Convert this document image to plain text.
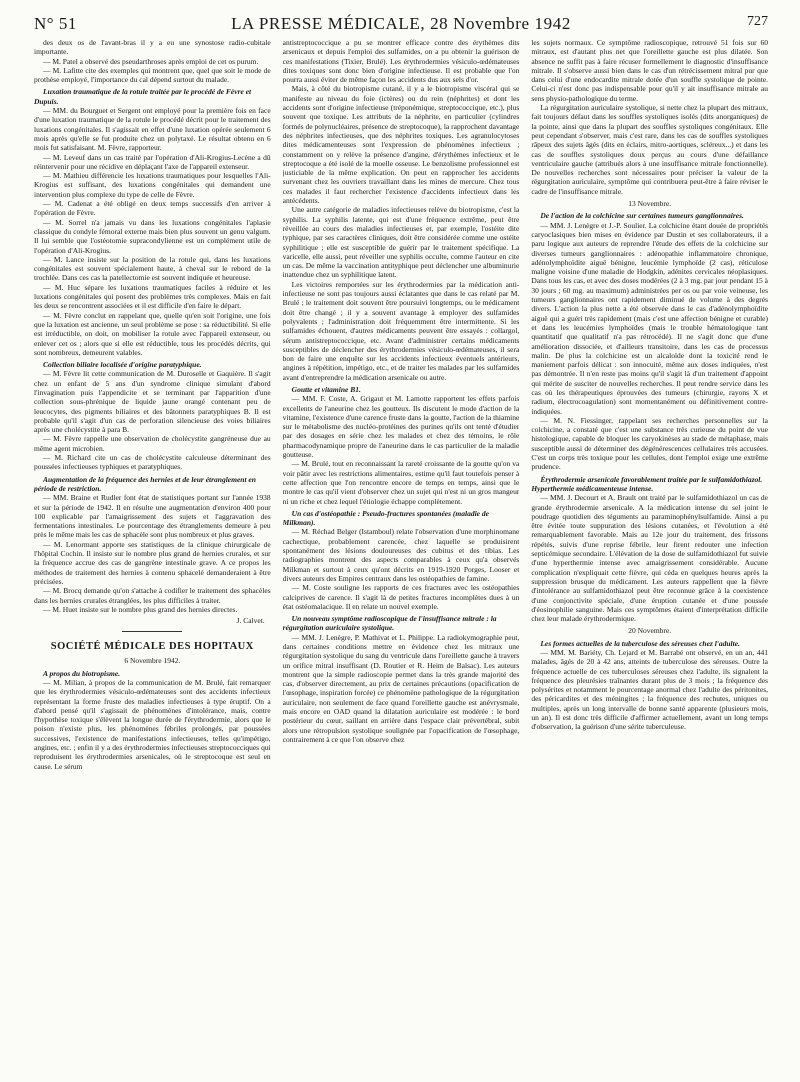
N° 51	LA PRESSE MÉDICALE, 28 Novembre 1942	727

des deux os de l'avant-bras il y a eu une synostose radio-cubitale importante.

— M. Patel a observé des pseudarthroses après emploi de cet os purum.

— M. Lafitte cite des exemples qui montrent que, quel que soit le mode de prothèse employé, l'importance du cal dépend surtout du malade.

Luxation traumatique de la rotule traitée par le procédé de Fèvre et Dupuis.

— MM. du Bourguet et Sergent ont employé pour la première fois en face d'une luxation traumatique de la rotule le procédé décrit pour le traitement des luxations congénitales. Il s'agissait en effet d'une luxation opérée seulement 6 mois après qu'elle se fut produite chez un polytaxé. Le résultat obtenu en 6 mois fut satisfaisant. M. Fèvre, rapporteur.

— M. Leveuf dans un cas traité par l'opération d'Ali-Krogius-Lecène a dû réintervenir pour une récidive en déplaçant l'axe de l'appareil extenseur.

— M. Mathieu différencie les luxations traumatiques pour lesquelles l'Ali-Krogius est suffisant, des luxations congénitales qui demandent une intervention plus complexe du type de celle de Fèvre.

— M. Cadenat a été obligé en deux temps successifs d'en arriver à l'opération de Fèvre.

— M. Sorrel n'a jamais vu dans les luxations congénitales l'aplasie classique du condyle fémoral externe mais bien plus souvent un genu valgum. Il lui semble que l'ostéotomie supracondylienne est un complément utile de l'opération d'Ali-Krogius.

— M. Lance insiste sur la position de la rotule qui, dans les luxations congénitales est souvent spécialement haute, à cheval sur le rebord de la trochlée. Dans ces cas la patellectomie est souvent indiquée et heureuse.

— M. Huc sépare les luxations traumatiques faciles à réduire et les luxations congénitales qui posent des problèmes très complexes. Mais en fait les deux se rencontrent associées et il est difficile d'en faire le départ.

— M. Fèvre conclut en rappelant que, quelle qu'en soit l'origine, une fois que la luxation est ancienne, un seul problème se pose : sa réductibilité. Si elle est irréductible, on doit, on mobiliser la rotule avec l'appareil extenseur, ou enlever cet os ; alors que si elle est réductible, tous les procédés décrits, qui sont nombreux, demeurent valables.

Collection biliaire localisée d'origine paratyphique.

— M. Fèvre lit cette communication de M. Duroselle et Gaquière. Il s'agit chez un enfant de 5 ans d'un syndrome clinique simulant d'abord l'invagination puis l'appendicite et se terminant par l'apparition d'une collection sous-phrénique de liquide jaune orangé contenant peu de leucocytes, des pigments biliaires et des bâtonnets paratyphiques B. Il est probable qu'il s'agit d'un cas de perforation silencieuse des voies biliaires après une cholécystite à para B.

— M. Fèvre rappelle une observation de cholécystite gangréneuse due au même agent microbien.

— M. Richard cite un cas de cholécystite calculeuse déterminant des poussées infectieuses typhiques et paratyphiques.

Augmentation de la fréquence des hernies et de leur étranglement en période de restriction.

— MM. Braine et Rudler font état de statistiques portant sur l'année 1938 et sur la période de 1942. Il en résulte une augmentation d'environ 400 pour 100 explicable par l'amaigrissement des sujets et l'aggravation des fermentations intestinales. Le pourcentage des étranglements demeure à peu près le même mais les cas de sphacèle sont plus nombreux et plus graves.

— M. Lenormant apporte ses statistiques de la clinique chirurgicale de l'hôpital Cochin. Il insiste sur le nombre plus grand de hernies crurales, et sur la fréquence accrue des cas de gangrène intestinale grave. A ce propos les méthodes de traitement des hernies à contenu sphacelé demanderaient à être précisées.

— M. Brocq demande qu'on s'attache à codifier le traitement des sphacèles dans les hernies crurales étranglées, les plus difficiles à traiter.

— M. Huet insiste sur le nombre plus grand des hernies directes.

J. Calvet.

SOCIÉTÉ MÉDICALE DES HOPITAUX

6 Novembre 1942.

A propos du biotropisme.

— M. Milian, à propos de la communication de M. Brulé, fait remarquer que les érythrodermies vésiculo-œdémateuses sont des accidents infectieux représentant la forme fruste des maladies infectieuses à type éruptif. On a d'abord pensé qu'il s'agissait de phénomènes d'intolérance, mais, contre l'hypothèse toxique s'élèvent la longue durée de l'érythrodermie, alors que le poison n'existe plus, les phénomènes fébriles prolongés, par poussées successives, l'existence de manifestations infectieuses, telles qu'impétigo, angines, etc. ; enfin il y a des érythrodermies infectieuses streptococciques qui reproduisent les érythrodermies arsenicales, où le streptocoque est seul en cause. Le sérum

antistreptococcique a pu se montrer efficace contre des érythèmes dits arsenicaux et depuis l'emploi des sulfamides, on a pu obtenir la guérison de ces manifestations (Tixier, Brulé). Les érythrodermies vésiculo-œdémateuses dites toxiques sont donc bien d'origine infectieuse. Il est probable que l'on pourra aussi éviter de même façon les accidents dus aux sels d'or.

Mais, à côté du biotropisme cutané, il y a le biotropisme viscéral qui se manifeste au niveau du foie (ictères) ou du rein (néphrites) et dont les accidents sont d'origine infectieuse (tréponémique, streptococcique, etc.), plus souvent que toxique. Les attributs de la néphrite, en particulier (cylindres formés de polynucléaires, présence de streptocoque), la rapprochent davantage des néphrites infectieuses, que des néphrites toxiques. Les agranulocytoses dites médicamenteuses sont l'expression de phénomènes infectieux ; constamment on y relève la présence d'angine, d'érythèmes infectieux et le streptocoque a été isolé de la moelle osseuse. Le benzolisme professionnel est justiciable de la même explication. On peut en rapprocher les accidents survenant chez les ouvriers travaillant dans les mines de mercure. Chez tous ces malades il faut rechercher l'existence d'accidents infectieux dans les antécédents.

Une autre catégorie de maladies infectieuses relève du biotropisme, c'est la syphilis. La syphilis latente, qui est d'une fréquence extrême, peut être réveillée au cours des maladies infectieuses et, par exemple, l'ostéite dite typhique, par ses caractères cliniques, doit être considérée comme une ostéite syphilitique ; elle est susceptible de guérir par le traitement spécifique. La varicelle, elle aussi, peut réveiller une syphilis occulte, comme l'auteur en cite un cas. De même la vaccination antityphique peut déclencher une albuminurie inattendue chez un syphilitique latent.

Les victoires remportées sur les érythrodermies par la médication anti-infectieuse ne sont pas toujours aussi éclatantes que dans le cas relaté par M. Brulé ; le traitement doit souvent être poursuivi longtemps, ou le médicament doit être changé ; il y a souvent avantage à employer des sulfamides polyvalents ; l'administration doit fréquemment être intermittente. Si les sulfamides échouent, d'autres médicaments peuvent être essayés : collargol, sérum antistreptococcique, etc. Avant d'administrer certains médicaments susceptibles de déclencher des érythrodermies vésiculo-œdémateuses, il sera bon de faire une enquête sur les accidents infectieux éventuels antérieurs, angines à répétition, impétigo, etc., et de traiter les malades par les sulfamides avant d'entreprendre la médication arsenicale ou autre.

Goutte et vitamine B1.

— MM. F. Coste, A. Grigaut et M. Lamotte rapportent les effets parfois excellents de l'aneurine chez les goutteux. Ils discutent le mode d'action de la vitamine, l'existence d'une carence fruste dans la goutte, l'action de la thiamine sur le métabolisme des nucléo-protéines des purines qu'ils ont tenté d'étudier par des dosages en série chez les malades et chez des témoins, le rôle pharmacodynamique propre de l'aneurine dans le cas particulier de la maladie goutteuse.

— M. Brulé, tout en reconnaissant la rareté croissante de la goutte qu'on va voir pâtir avec les restrictions alimentaires, estime qu'il faut toutefois penser à cette affection que l'on rencontre encore de temps en temps, ainsi que le montre le cas qu'il vient d'observer chez un sujet qui n'est ni un gros mangeur ni un riche et chez lequel l'étiologie échappe complètement.

Un cas d'ostéopathie : Pseudo-fractures spontanées (maladie de Milkman).

— M. Réchad Belger (Istamboul) relate l'observation d'une morphinomane cachectique, probablement carencée, chez laquelle se produisirent spontanément des lésions douloureuses des cubitus et des tibias. Les radiographies montrent des aspects comparables à ceux qu'a observés Milkman et surtout à ceux qu'ont décrits en 1919-1920 Porges, Looser et divers auteurs des Empires centraux dans les ostéopathies de famine.

— M. Coste souligne les rapports de ces fractures avec les ostéopathies calciprives de carence. Il s'agit là de petites fractures incomplètes dues à un état ostéomalacique. Il en relate un nouvel exemple.

Un nouveau symptôme radioscopique de l'insuffisance mitrale : la régurgitation auriculaire systolique.

— MM. J. Lenègre, P. Mathivat et L. Philippe. La radiokymographie peut, dans certaines conditions mettre en évidence chez les mitraux une régurgitation systolique du sang du ventricule dans l'oreillette gauche à travers un orifice mitral insuffisant (D. Routier et R. Heim de Balsac). Les auteurs montrent que la simple radioscopie permet dans la très grande majorité des cas, d'observer directement, au prix de certaines précautions (opacification de l'œsophage, inspiration forcée) ce phénomène pathologique de la régurgitation auriculaire, non seulement de face quand l'oreillette gauche est anévrysmale, mais encore en OAD quand la dilatation auriculaire est modérée : le bord postérieur du cœur, saillant en arrière dans l'espace clair prévertébral, subit alors une rétropulsion systolique soulignée par l'opacification de l'œsophage, contrairement à ce que l'on observe chez

les sujets normaux. Ce symptôme radioscopique, retrouvé 51 fois sur 60 mitraux, est d'autant plus net que l'oreillette gauche est plus dilatée. Son absence ne suffit pas à faire récuser formellement le diagnostic d'insuffisance mitrale. Il s'observe aussi bien dans le cas d'un rétrécissement mitral pur que dans celui d'une endocardite mitrale dotée d'un souffle systolique de pointe. Celui-ci n'est donc pas indispensable pour qu'il y ait insuffisance mitrale au sens physio-pathologique du terme.

La régurgitation auriculaire systolique, si nette chez la plupart des mitraux, fait toujours défaut dans les souffles systoliques isolés (dits anorganiques) de la pointe, ainsi que dans la plupart des souffles systoliques congénitaux. Elle peut cependant s'observer, mais c'est rare, dans les cas de souffles systoliques râpeux des sujets âgés (dits en éclairs, mitro-aortiques, scléreux...) et dans les cas de souffles systoliques doux perçus au cours d'une défaillance ventriculaire gauche (attribués alors à une insuffisance mitrale fonctionnelle). De nouvelles recherches sont nécessaires pour préciser la valeur de la régurgitation auriculaire, symptôme qui contribuera peut-être à faire réviser le cadre de l'insuffisance mitrale.

13 Novembre.

De l'action de la colchicine sur certaines tumeurs ganglionnaires.

— MM. J. Lenègre et J.-P. Soulier. La colchicine étant douée de propriétés caryoclasiques bien mises en évidence par Dustin et ses collaborateurs, il a paru logique aux auteurs de reprendre l'étude des effets de la colchicine sur diverses tumeurs ganglionnaires : adénopathie inflammatoire chronique, adénolymphoïdite aiguë bénigne, leucémie lymphoïde (2 cas), réticulose maligne voisine d'une maladie de Hodgkin, adénites cervicales néoplasiques. Dans tous les cas, et avec des doses modérées (2 à 3 mg. par jour pendant 15 à 30 jours ; 60 mg. au maximum) administrées per os ou par voie veineuse, les tumeurs ganglionnaires ont rapidement diminué de volume à des degrés divers. L'action la plus nette a été observée dans le cas d'adénolymphoïdite aiguë qui a guéri très rapidement (mais c'est une affection bénigne et curable) et dans les leucémies lymphoïdes (mais le trouble hématologique tant quantitatif que qualitatif n'a pas rétrocédé). Il ne s'agit donc que d'une amélioration dissociée, et d'ailleurs transitoire, dans les cas de processus malin. De plus la colchicine est un alcaloïde dont la toxicité rend le maniement parfois délicat : son innocuité, même aux doses indiquées, n'est pas démontrée. Il n'en reste pas moins qu'il s'agit là d'un traitement d'appoint qui mérite de susciter de nouvelles recherches. Il peut rendre service dans les cas où les thérapeutiques éprouvées des tumeurs (chirurgie, rayons X et radium, électrocoagulation) sont momentanément ou définitivement contre-indiquées.

— M. N. Fiessinger, rappelant ses recherches personnelles sur la colchicine, a constaté que c'est une substance très curieuse du point de vue histologique, capable de bloquer les caryokinèses au stade de métaphase, mais susceptible aussi de déterminer des dégénérescences cellulaires très accusées. C'est un corps très toxique pour les cellules, dont l'emploi exige une extrême prudence.

Érythrodermie arsenicale favorablement traitée par le sulfamidothiazol. Hyperthermie médicamenteuse intense.

— MM. J. Decourt et A. Brault ont traité par le sulfamidothiazol un cas de grande érythrodermie arsenicale. A la médication intense du sel joint le poudrage quotidien des téguments au paraminophénylsulfamide. Ainsi a pu être évitée toute suppuration des lésions cutanées, et l'évolution a été remarquablement favorable. Mais au 12e jour du traitement, des frissons répétés, suivis d'une reprise fébrile, leur firent redouter une infection septicémique secondaire. L'élévation de la dose de sulfamidothiazol fut suivie d'une hyperthermie intense avec amaigrissement considérable. Aucune complication n'expliquait cette fièvre, qui céda en quelques heures après la suppression brusque du médicament. Les auteurs rappellent que la fièvre d'intolérance au sulfamidothiazol peut être reconnue grâce à la coexistence d'une conjonctivite spéciale, d'une éruption cutanée et d'une poussée d'éosinophilie sanguine. Mais ces symptômes étaient d'interprétation difficile chez leur malade érythrodermique.

20 Novembre.

Les formes actuelles de la tuberculose des séreuses chez l'adulte.

— MM. M. Bariéty, Ch. Lejard et M. Barrabé ont observé, en un an, 441 malades, âgés de 20 à 42 ans, atteints de tuberculose des séreuses. Outre la fréquence actuelle de ces tuberculoses séreuses chez l'adulte, ils signalent la fréquence des pleurésies traînantes durant plus de 3 mois ; la fréquence des polysérites et notamment le pourcentage anormal chez l'adulte des péritonites, des péricardites et des méningites ; la fréquence des rechutes, uniques ou multiples, après un long intervalle de bonne santé apparente (plusieurs mois, un an). Il est donc très difficile d'affirmer actuellement, avant un long temps d'observation, la guérison d'une sérite tuberculeuse.
